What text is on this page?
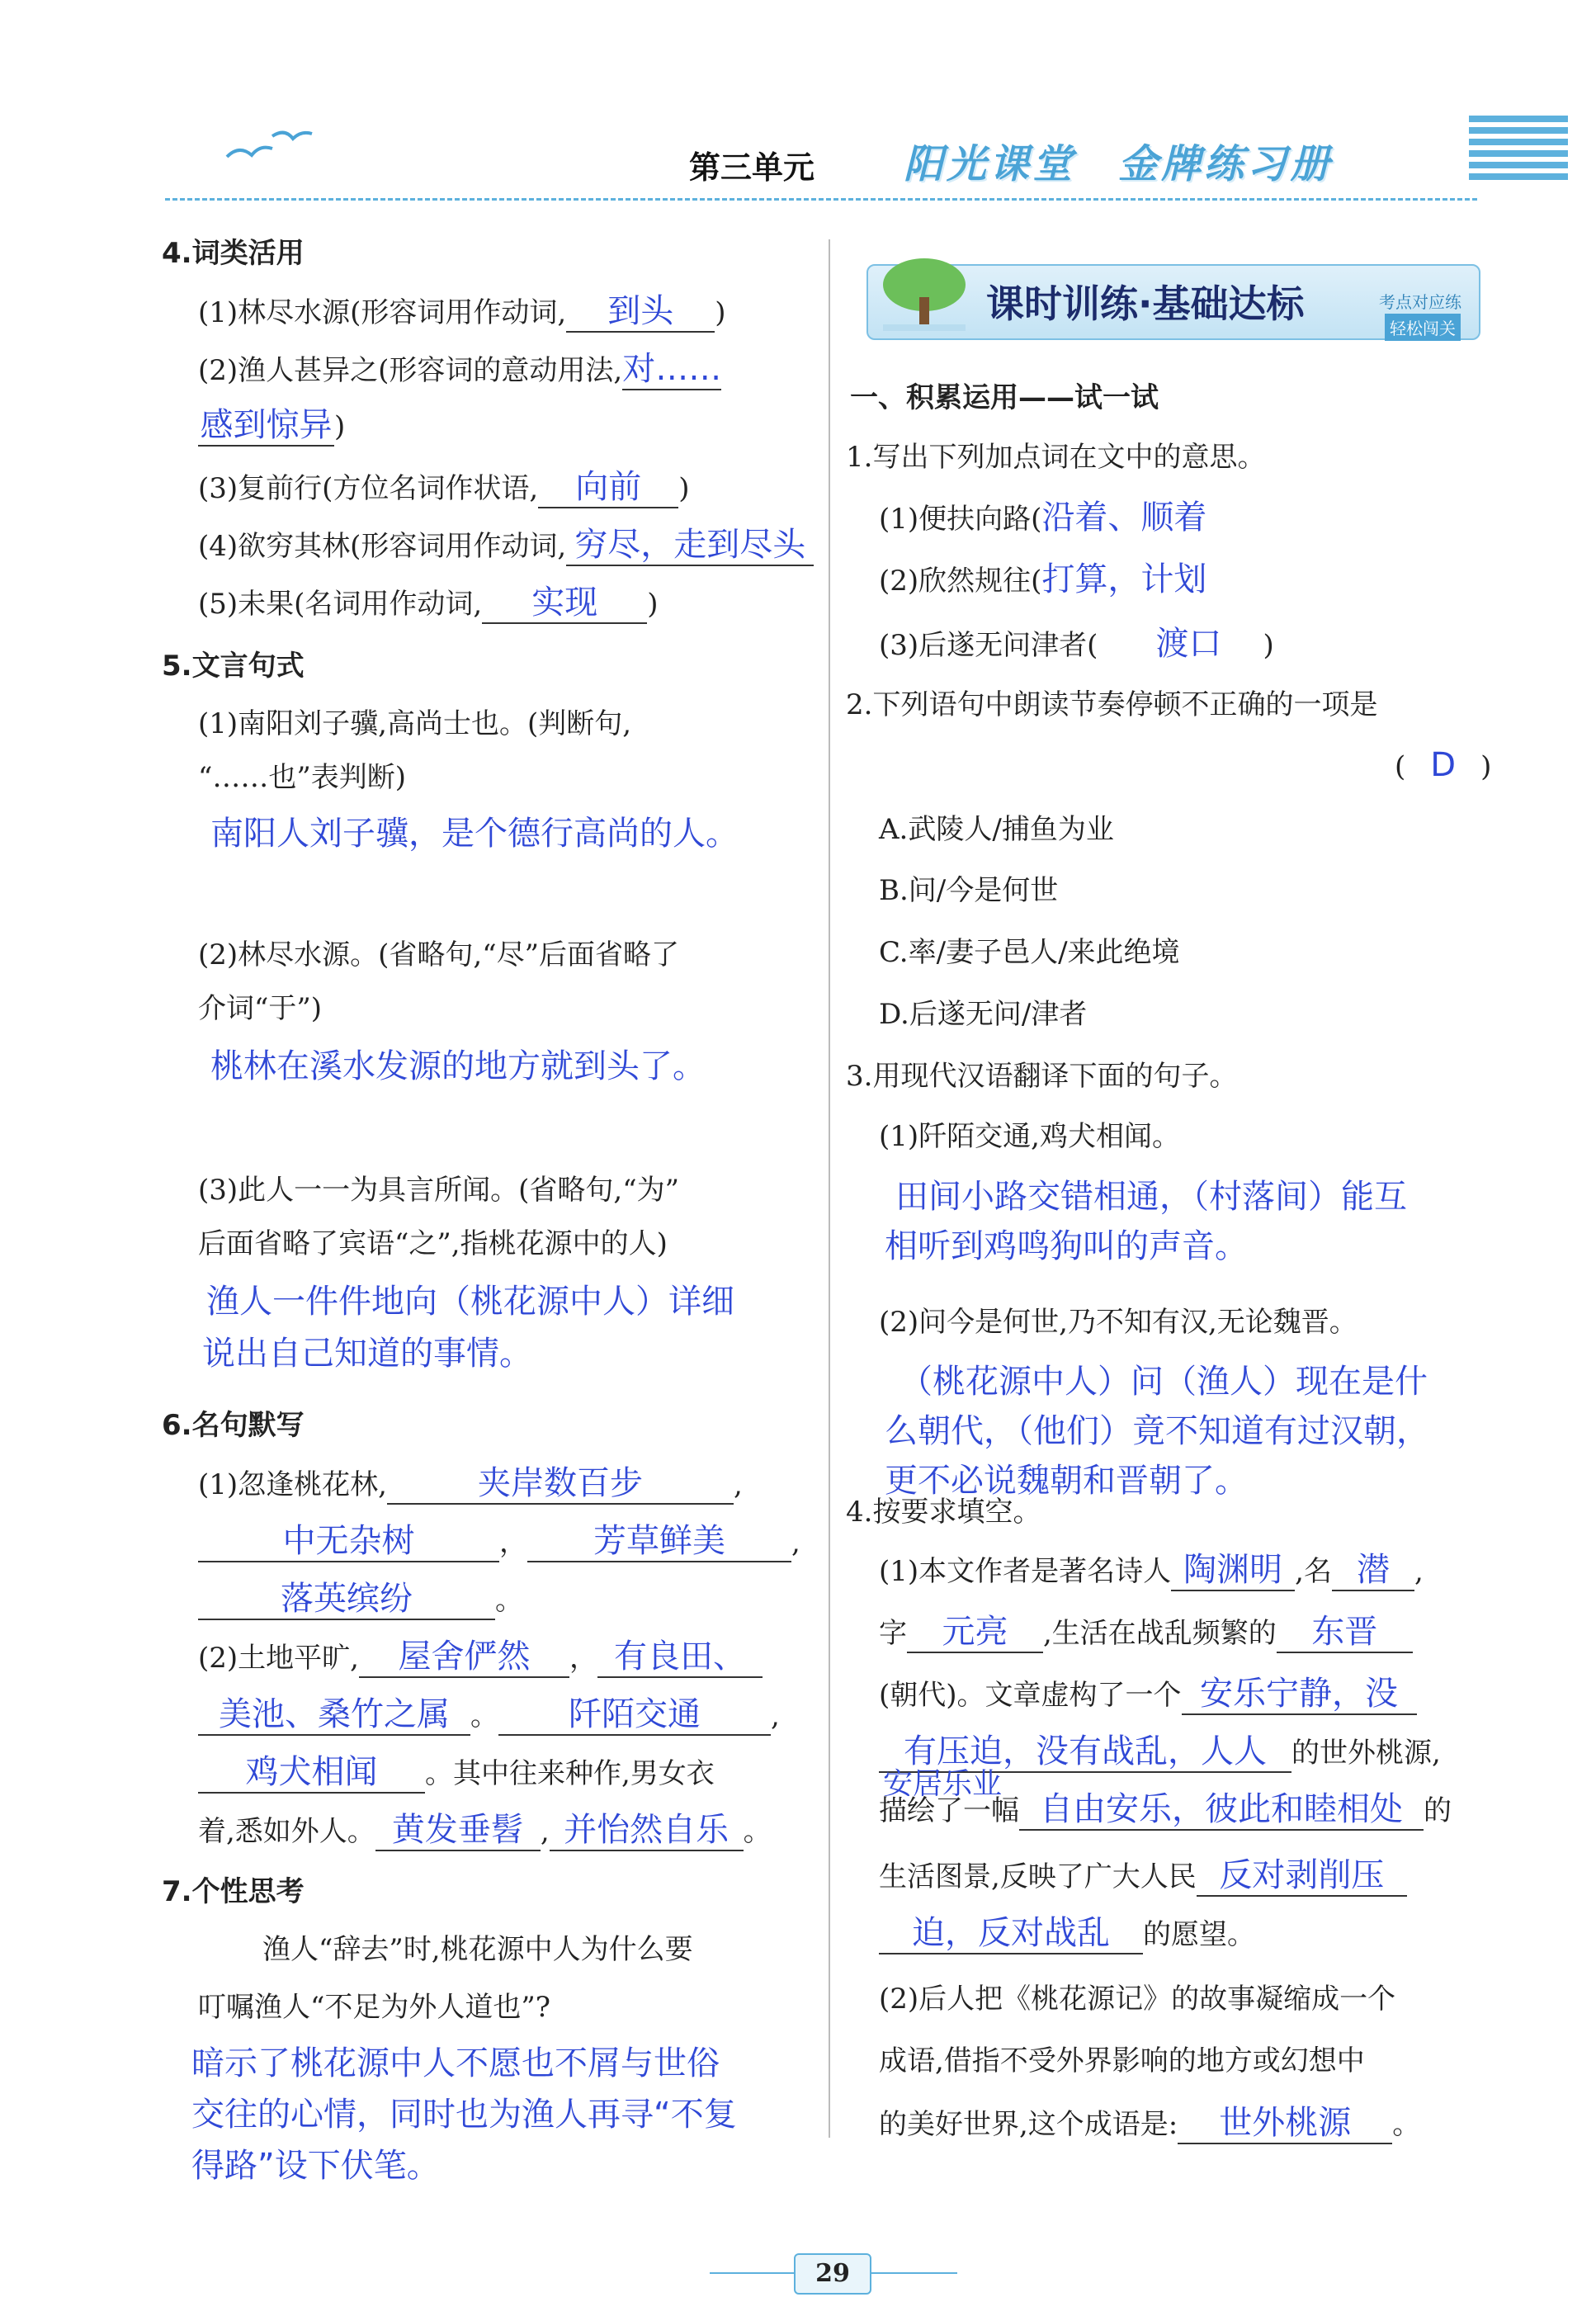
第三单元 阳光课堂　金牌练习册
4.词类活用
(1)林尽水源(形容词用作动词, 到头 )
(2)渔人甚异之(形容词的意动用法,对……
感到惊异)
(3)复前行(方位名词作状语, 向前 )
(4)欲穷其林(形容词用作动词, 穷尽，走到尽头
(5)未果(名词用作动词, 实现 )
5.文言句式
(1)南阳刘子骥,高尚士也。(判断句,
“……也”表判断)
南阳人刘子骥，是个德行高尚的人。
(2)林尽水源。(省略句,“尽”后面省略了
介词“于”)
桃林在溪水发源的地方就到头了。
(3)此人一一为具言所闻。(省略句,“为”
后面省略了宾语“之”,指桃花源中的人)
渔人一件件地向（桃花源中人）详细
说出自己知道的事情。
6.名句默写
(1)忽逢桃花林,	夹岸数百步	,
中无杂树	， 芳草鲜美 ,
落英缤纷	。
(2)土地平旷, 屋舍俨然 ， 有良田、
美池、桑竹之属 。 阡陌交通	,
鸡犬相闻 。其中往来种作,男女衣
着,悉如外人。 黄发垂髫 , 并怡然自乐 。
7.个性思考
渔人“辞去”时,桃花源中人为什么要
叮嘱渔人“不足为外人道也”?
暗示了桃花源中人不愿也不屑与世俗
交往的心情，同时也为渔人再寻“不复
得路”设下伏笔。
课时训练·基础达标	考点对应练
轻松闯关
一、积累运用——试一试
1.写出下列加点词在文中的意思。
(1)便扶向路(沿着、顺着
(2)欣然规往(打算，计划
(3)后遂无问津者( 渡口 )
2.下列语句中朗读节奏停顿不正确的一项是
( D )
A.武陵人/捕鱼为业
B.问/今是何世
C.率/妻子邑人/来此绝境
D.后遂无问/津者
3.用现代汉语翻译下面的句子。
(1)阡陌交通,鸡犬相闻。
田间小路交错相通，（村落间）能互
相听到鸡鸣狗叫的声音。
(2)问今是何世,乃不知有汉,无论魏晋。
（桃花源中人）问（渔人）现在是什
么朝代，（他们）竟不知道有过汉朝，
更不必说魏朝和晋朝了。
4.按要求填空。
(1)本文作者是著名诗人 陶渊明 ,名 潜 ,
字 元亮 ,生活在战乱频繁的 东晋
(朝代)。文章虚构了一个 安乐宁静，没
有压迫，没有战乱，人人 的世外桃源,
描绘了一幅 自由安乐，彼此和睦相处 的
安居乐业
生活图景,反映了广大人民 反对剥削压
迫，反对战乱 的愿望。
(2)后人把《桃花源记》的故事凝缩成一个
成语,借指不受外界影响的地方或幻想中
的美好世界,这个成语是: 世外桃源 。
29
